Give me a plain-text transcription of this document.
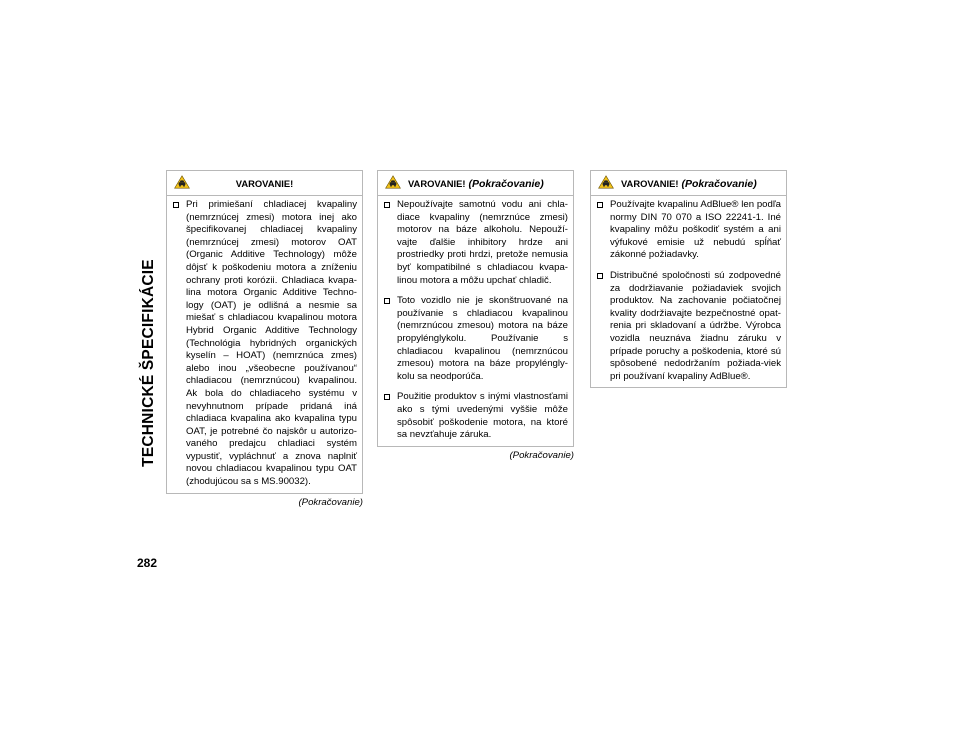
TECHNICKÉ ŠPECIFIKÁCIE
282
VAROVANIE!
Pri primiešaní chladiacej kvapaliny (nemrznúcej zmesi) motora inej ako špecifikovanej chladiacej kvapaliny (nemrznúcej zmesi) motorov OAT (Organic Additive Technology) môže dôjsť k poškodeniu motora a zníženiu ochrany proti korózii. Chladiaca kvapa-lina motora Organic Additive Techno-logy (OAT) je odlišná a nesmie sa miešať s chladiacou kvapalinou motora Hybrid Organic Additive Technology (Technológia hybridných organických kyselín – HOAT) (nemrznúca zmes) alebo inou „všeobecne používanou“ chladiacou (nemrznúcou) kvapalinou. Ak bola do chladiaceho systému v nevyhnutnom prípade pridaná iná chladiaca kvapalina ako kvapalina typu OAT, je potrebné čo najskôr u autorizo-vaného predajcu chladiaci systém vypustiť, vypláchnuť a znova naplniť novou chladiacou kvapalinou typu OAT (zhodujúcou sa s MS.90032).
(Pokračovanie)
VAROVANIE! (Pokračovanie)
Nepoužívajte samotnú vodu ani chla-diace kvapaliny (nemrznúce zmesi) motorov na báze alkoholu. Nepouží-vajte ďalšie inhibitory hrdze ani prostriedky proti hrdzi, pretože nemusia byť kompatibilné s chladiacou kvapa-linou motora a môžu upchať chladič.
Toto vozidlo nie je skonštruované na používanie s chladiacou kvapalinou (nemrznúcou zmesou) motora na báze propylénglykolu. Používanie s chladiacou kvapalinou (nemrznúcou zmesou) motora na báze propyléngly-kolu sa neodporúča.
Použitie produktov s inými vlastnosťami ako s tými uvedenými vyššie môže spôsobiť poškodenie motora, na ktoré sa nevzťahuje záruka.
(Pokračovanie)
VAROVANIE! (Pokračovanie)
Používajte kvapalinu AdBlue® len podľa normy DIN 70 070 a ISO 22241-1. Iné kvapaliny môžu poškodiť systém a ani výfukové emisie už nebudú spĺňať zákonné požiadavky.
Distribučné spoločnosti sú zodpovedné za dodržiavanie požiadaviek svojich produktov. Na zachovanie počiatočnej kvality dodržiavajte bezpečnostné opat-renia pri skladovaní a údržbe. Výrobca vozidla neuznáva žiadnu záruku v prípade poruchy a poškodenia, ktoré sú spôsobené nedodržaním požiada-viek pri používaní kvapaliny AdBlue®.
